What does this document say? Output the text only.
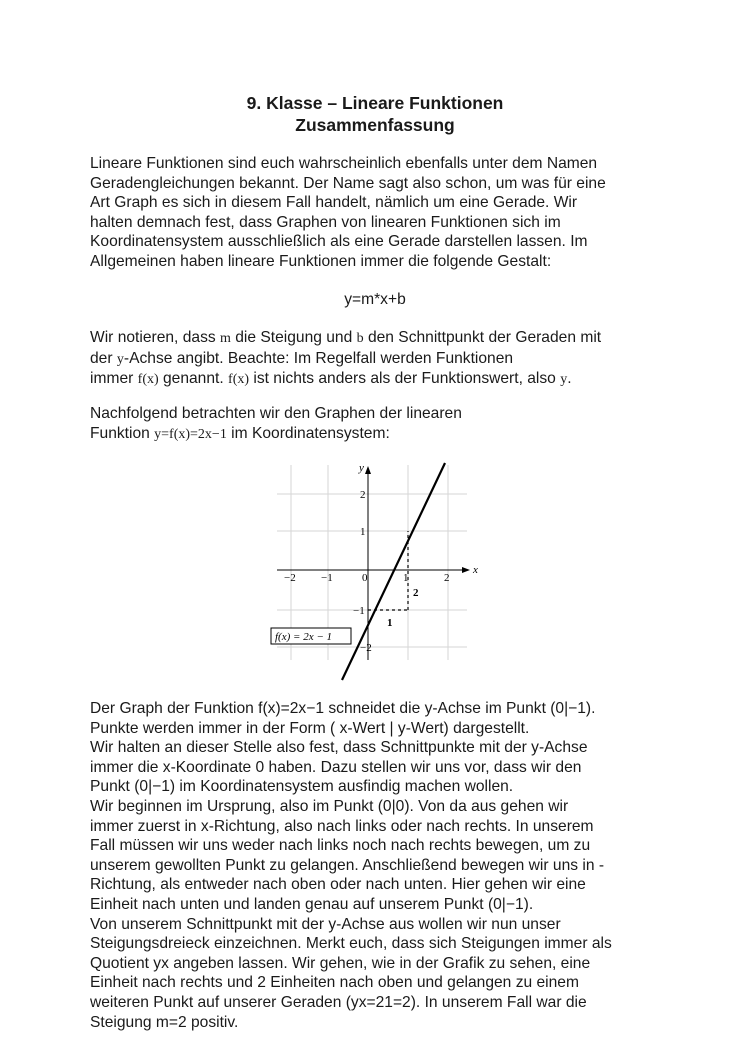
9. Klasse – Lineare Funktionen
Zusammenfassung

Lineare Funktionen sind euch wahrscheinlich ebenfalls unter dem Namen

Geradengleichungen bekannt. Der Name sagt also schon, um was für eine

Art Graph es sich in diesem Fall handelt, nämlich um eine Gerade. Wir

halten demnach fest, dass Graphen von linearen Funktionen sich im

Koordinatensystem ausschließlich als eine Gerade darstellen lassen. Im

Allgemeinen haben lineare Funktionen immer die folgende Gestalt:

y=m*x+b

Wir notieren, dass m die Steigung und b den Schnittpunkt der Geraden mit

der y-Achse angibt. Beachte: Im Regelfall werden Funktionen

immer f(x) genannt. f(x) ist nichts anders als der Funktionswert, also y.

Nachfolgend betrachten wir den Graphen der linearen

Funktion y=f(x)=2x−1 im Koordinatensystem:

x
y
−2 −1	0	1	2
2
1
−1
−2
1
2
f(x) = 2x − 1

Der Graph der Funktion f(x)=2x−1 schneidet die y-Achse im Punkt (0|−1).

Punkte werden immer in der Form ( x-Wert | y-Wert) dargestellt.

Wir halten an dieser Stelle also fest, dass Schnittpunkte mit der y-Achse

immer die x-Koordinate 0 haben. Dazu stellen wir uns vor, dass wir den

Punkt (0|−1) im Koordinatensystem ausfindig machen wollen.

Wir beginnen im Ursprung, also im Punkt (0|0). Von da aus gehen wir

immer zuerst in x-Richtung, also nach links oder nach rechts. In unserem

Fall müssen wir uns weder nach links noch nach rechts bewegen, um zu

unserem gewollten Punkt zu gelangen. Anschließend bewegen wir uns in -

Richtung, als entweder nach oben oder nach unten. Hier gehen wir eine

Einheit nach unten und landen genau auf unserem Punkt (0|−1).

Von unserem Schnittpunkt mit der y-Achse aus wollen wir nun unser

Steigungsdreieck einzeichnen. Merkt euch, dass sich Steigungen immer als

Quotient yx angeben lassen. Wir gehen, wie in der Grafik zu sehen, eine

Einheit nach rechts und 2 Einheiten nach oben und gelangen zu einem

weiteren Punkt auf unserer Geraden (yx=21=2). In unserem Fall war die

Steigung m=2 positiv.
